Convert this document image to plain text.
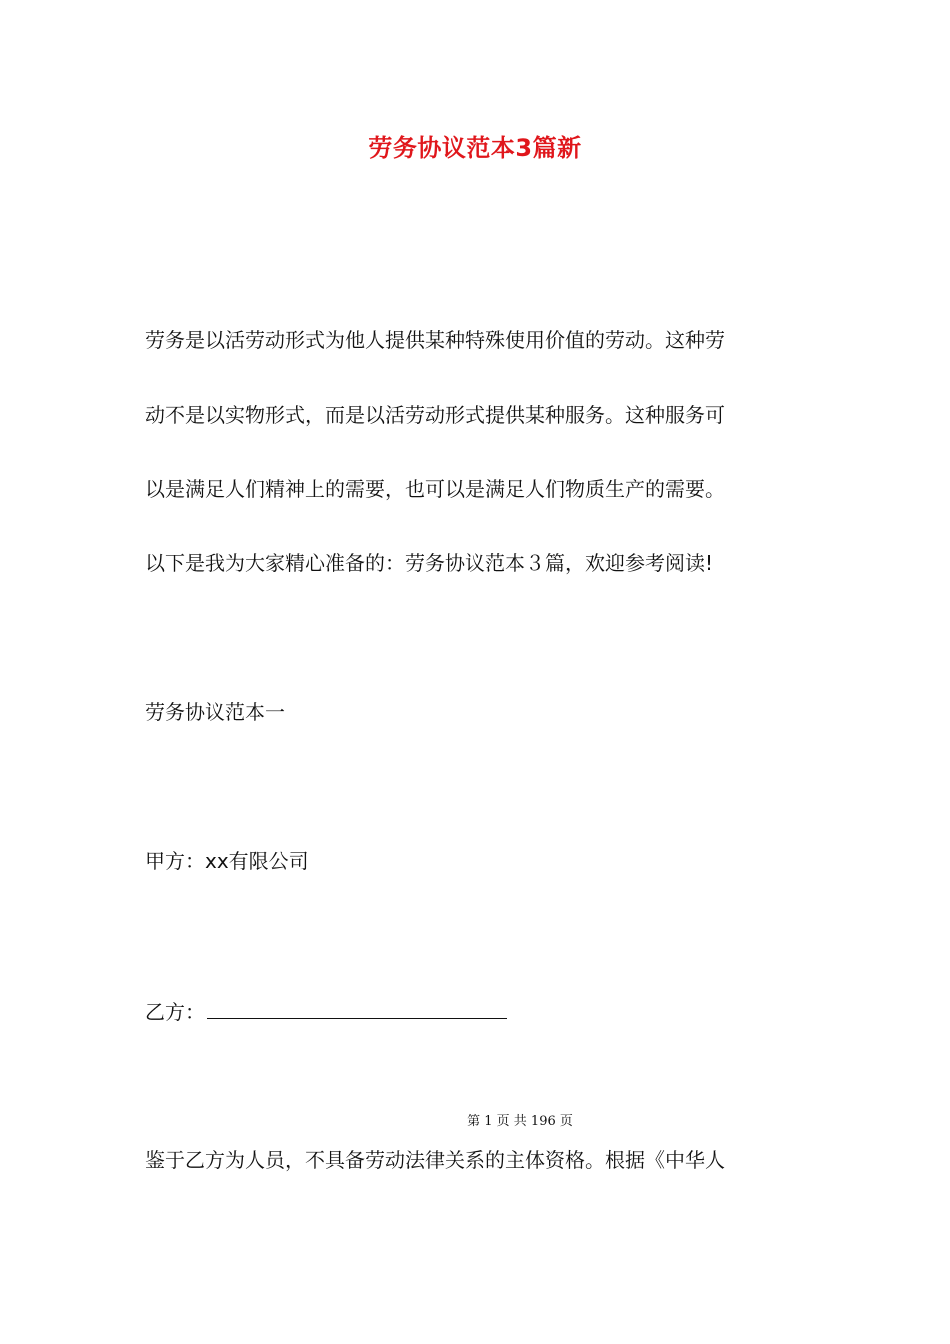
劳务协议范本3篇新
劳务是以活劳动形式为他人提供某种特殊使用价值的劳动。这种劳
动不是以实物形式，而是以活劳动形式提供某种服务。这种服务可
以是满足人们精神上的需要，也可以是满足人们物质生产的需要。
以下是我为大家精心准备的：劳务协议范本３篇，欢迎参考阅读!
劳务协议范本一
甲方：xx有限公司
乙方：
第 1 页 共 196 页
鉴于乙方为人员，不具备劳动法律关系的主体资格。根据《中华人
